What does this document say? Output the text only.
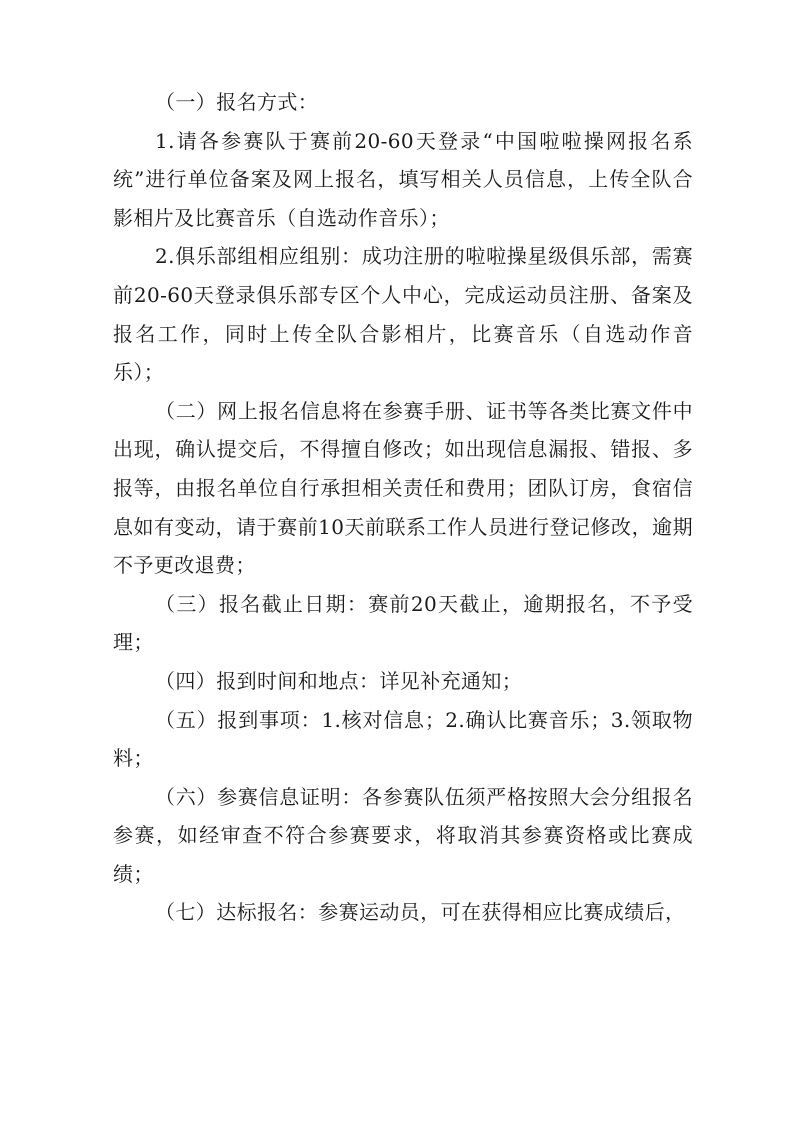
（一）报名方式：

1.请各参赛队于赛前20-60天登录“中国啦啦操网报名系统”进行单位备案及网上报名，填写相关人员信息，上传全队合影相片及比赛音乐（自选动作音乐）；

2.俱乐部组相应组别：成功注册的啦啦操星级俱乐部，需赛前20-60天登录俱乐部专区个人中心，完成运动员注册、备案及报名工作，同时上传全队合影相片，比赛音乐（自选动作音乐）；

（二）网上报名信息将在参赛手册、证书等各类比赛文件中出现，确认提交后，不得擅自修改；如出现信息漏报、错报、多报等，由报名单位自行承担相关责任和费用；团队订房，食宿信息如有变动，请于赛前10天前联系工作人员进行登记修改，逾期不予更改退费；

（三）报名截止日期：赛前20天截止，逾期报名，不予受理；

（四）报到时间和地点：详见补充通知；

（五）报到事项：1.核对信息；2.确认比赛音乐；3.领取物料；

（六）参赛信息证明：各参赛队伍须严格按照大会分组报名参赛，如经审查不符合参赛要求，将取消其参赛资格或比赛成绩；

（七）达标报名：参赛运动员，可在获得相应比赛成绩后，
